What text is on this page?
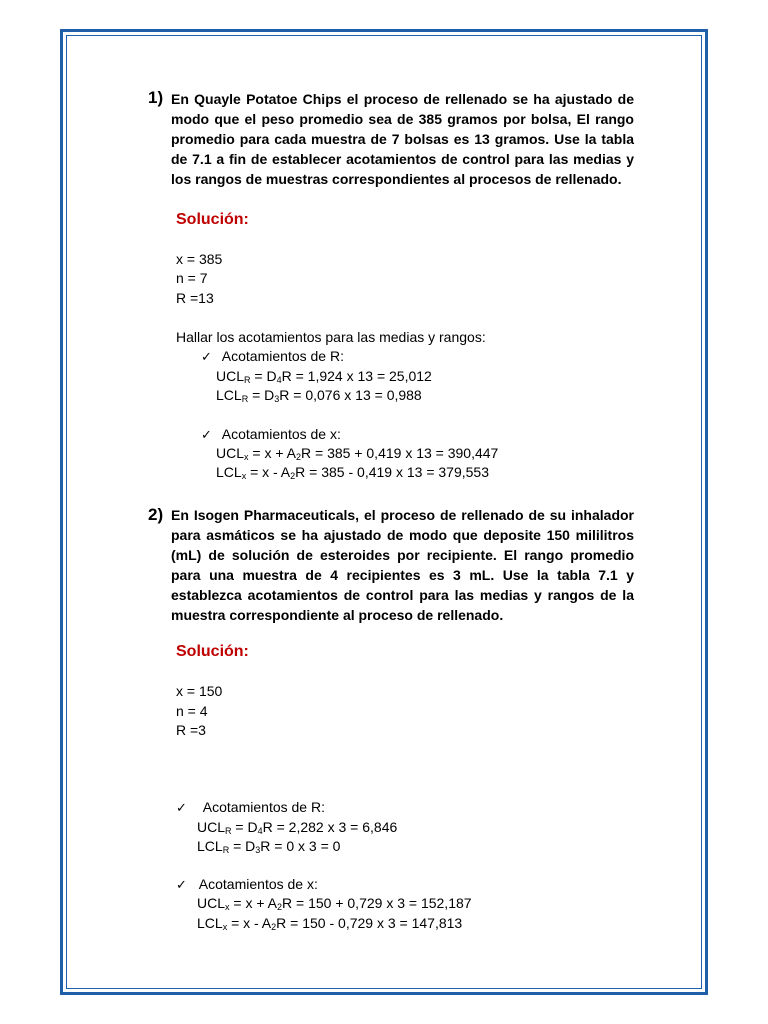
1) En Quayle Potatoe Chips el proceso de rellenado se ha ajustado de modo que el peso promedio sea de 385 gramos por bolsa, El rango promedio para cada muestra de 7 bolsas es 13 gramos. Use la tabla de 7.1 a fin de establecer acotamientos de control para las medias y los rangos de muestras correspondientes al procesos de rellenado.
Solución:
x = 385
n = 7
R =13
Hallar los acotamientos para las medias y rangos:
✓ Acotamientos de R:
$UCL_R = D_4R = 1,924$ x 13 = 25,012
$LCL_R = D_3R = 0,076$ x 13 = 0,988
✓ Acotamientos de x:
$UCL_x = x + A_2R = 385 + 0,419$ x 13 = 390,447
$LCL_x = x - A_2R = 385 - 0,419$ x 13 = 379,553
2) En Isogen Pharmaceuticals, el proceso de rellenado de su inhalador para asmáticos se ha ajustado de modo que deposite 150 mililitros (mL) de solución de esteroides por recipiente. El rango promedio para una muestra de 4 recipientes es 3 mL. Use la tabla 7.1 y establezca acotamientos de control para las medias y rangos de la muestra correspondiente al proceso de rellenado.
Solución:
x = 150
n = 4
R =3
✓ Acotamientos de R:
$UCL_R = D_4R = 2,282$ x 3 = 6,846
$LCL_R = D_3R = 0$ x 3 = 0
✓ Acotamientos de x:
$UCL_x = x + A_2R = 150 + 0,729$ x 3 = 152,187
$LCL_x = x - A_2R = 150 - 0,729$ x 3 = 147,813
